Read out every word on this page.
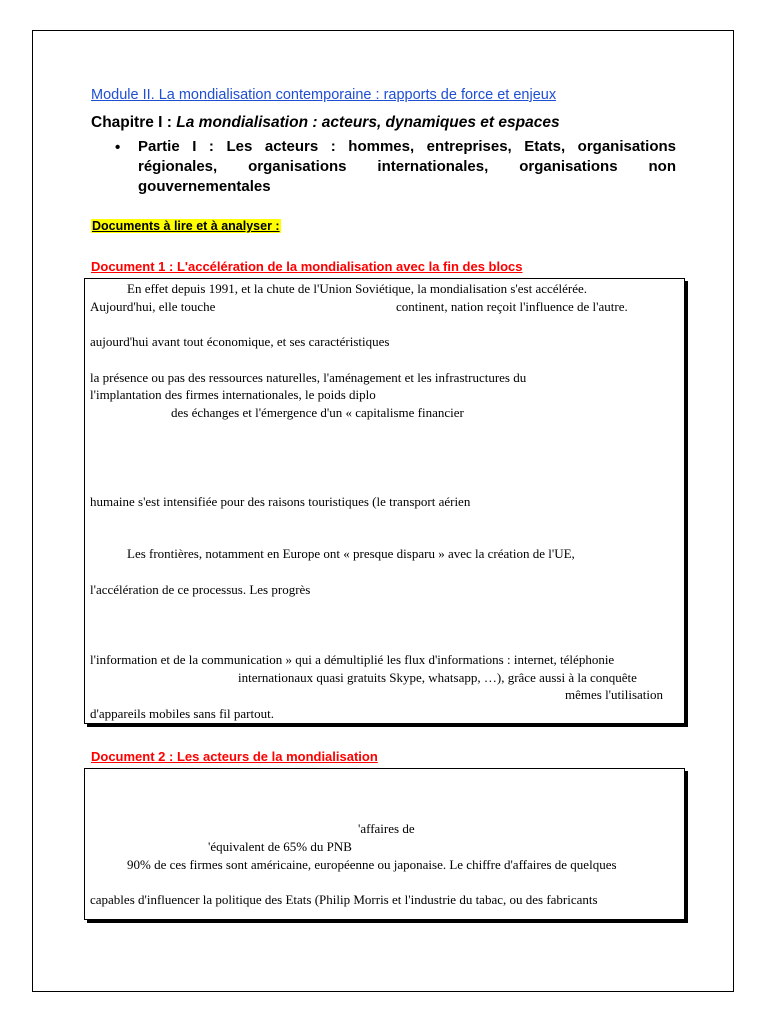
Module II. La mondialisation contemporaine : rapports de force et enjeux
Chapitre I : La mondialisation : acteurs, dynamiques et espaces
• Partie I : Les acteurs : hommes, entreprises, Etats, organisations
régionales, organisations internationales, organisations non
gouvernementales
Documents à lire et à analyser :
Document 1 : L'accélération de la mondialisation avec la fin des blocs
En effet depuis 1991, et la chute de l'Union Soviétique, la mondialisation s'est accélérée.
Aujourd'hui, elle touche	continent, nation reçoit l'influence de l'autre.
aujourd'hui avant tout économique, et ses caractéristiques
la présence ou pas des ressources naturelles, l'aménagement et les infrastructures du
l'implantation des firmes internationales, le poids diplo
des échanges et l'émergence d'un « capitalisme financier
humaine s'est intensifiée pour des raisons touristiques (le transport aérien
Les frontières, notamment en Europe ont « presque disparu » avec la création de l'UE,
l'accélération de ce processus. Les progrès
l'information et de la communication » qui a démultiplié les flux d'informations : internet, téléphonie
internationaux quasi gratuits Skype, whatsapp, …), grâce aussi à la conquête
mêmes l'utilisation
d'appareils mobiles sans fil partout.
Document 2 : Les acteurs de la mondialisation
'affaires de
'équivalent de 65% du PNB
90% de ces firmes sont américaine, européenne ou japonaise. Le chiffre d'affaires de quelques
capables d'influencer la politique des Etats (Philip Morris et l'industrie du tabac, ou des fabricants
